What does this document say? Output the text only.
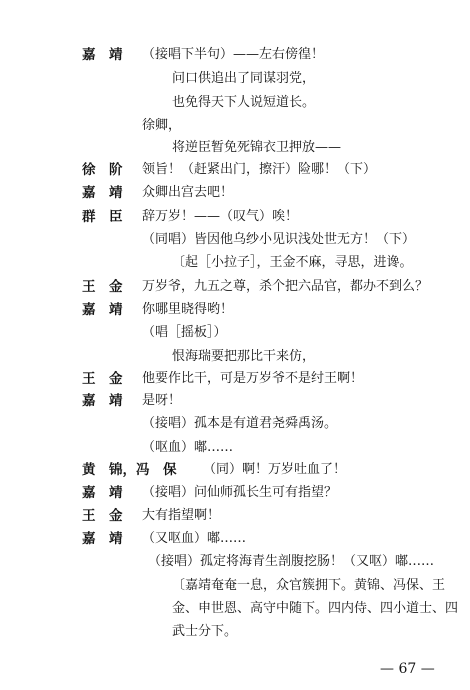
嘉　靖 （接唱下半句）——左右傍徨！
问口供追出了同谋羽党，
也免得天下人说短道长。
徐卿，
将逆臣暂免死锦衣卫押放——
徐　阶 领旨！（赶紧出门，擦汗）险哪！（下）
嘉　靖 众卿出宫去吧！
群　臣 辞万岁！——（叹气）唉！
（同唱）皆因他乌纱小见识浅处世无方！（下）
〔起［小拉子］，王金不麻，寻思，进谗。
王　金 万岁爷，九五之尊，杀个把六品官，都办不到么？
嘉　靖 你哪里晓得哟！
（唱［摇板］）
恨海瑞要把那比干来仿，
王　金 他要作比干，可是万岁爷不是纣王啊！
嘉　靖 是呀！
（接唱）孤本是有道君尧舜禹汤。
（呕血）嘟……
黄　锦，冯　保 （同）啊！万岁吐血了！
嘉　靖 （接唱）问仙师孤长生可有指望？
王　金 大有指望啊！
嘉　靖 （又呕血）嘟……
（接唱）孤定将海青生剖腹挖肠！（又呕）嘟……
〔嘉靖奄奄一息，众官簇拥下。黄锦、冯保、王
金、申世恩、高守中随下。四内侍、四小道士、四
武士分下。
— 67 —
